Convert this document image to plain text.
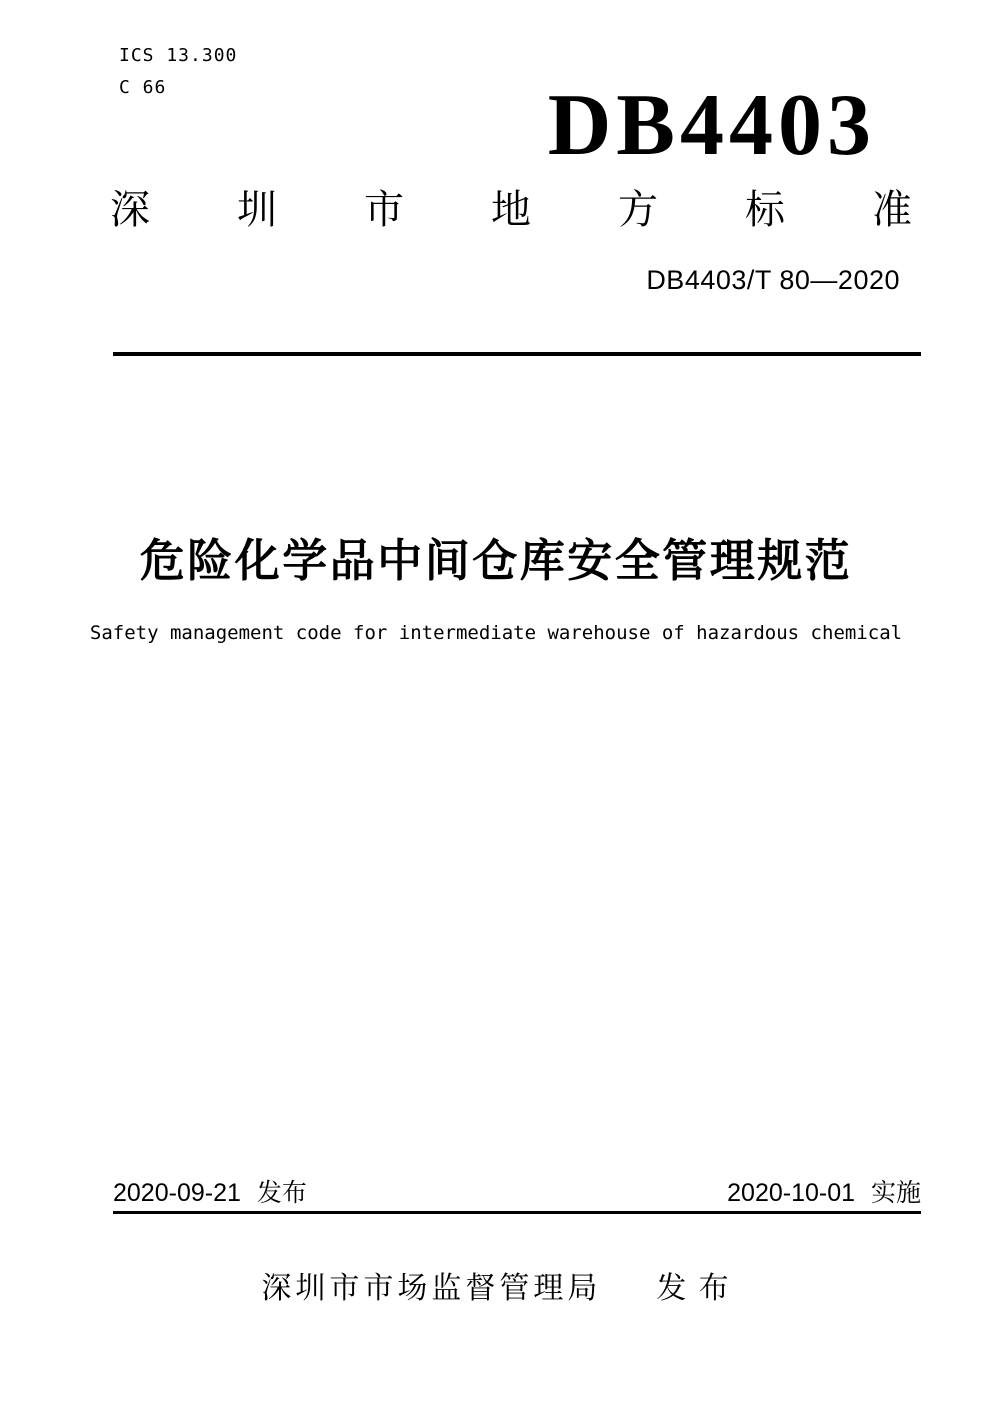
ICS 13.300
C 66	DB4403
深 圳 市 地 方 标 准
DB4403/T 80—2020
危险化学品中间仓库安全管理规范
Safety management code for intermediate warehouse of hazardous chemical
2020-09-21 发布	2020-10-01 实施
深圳市市场监督管理局 发 布
